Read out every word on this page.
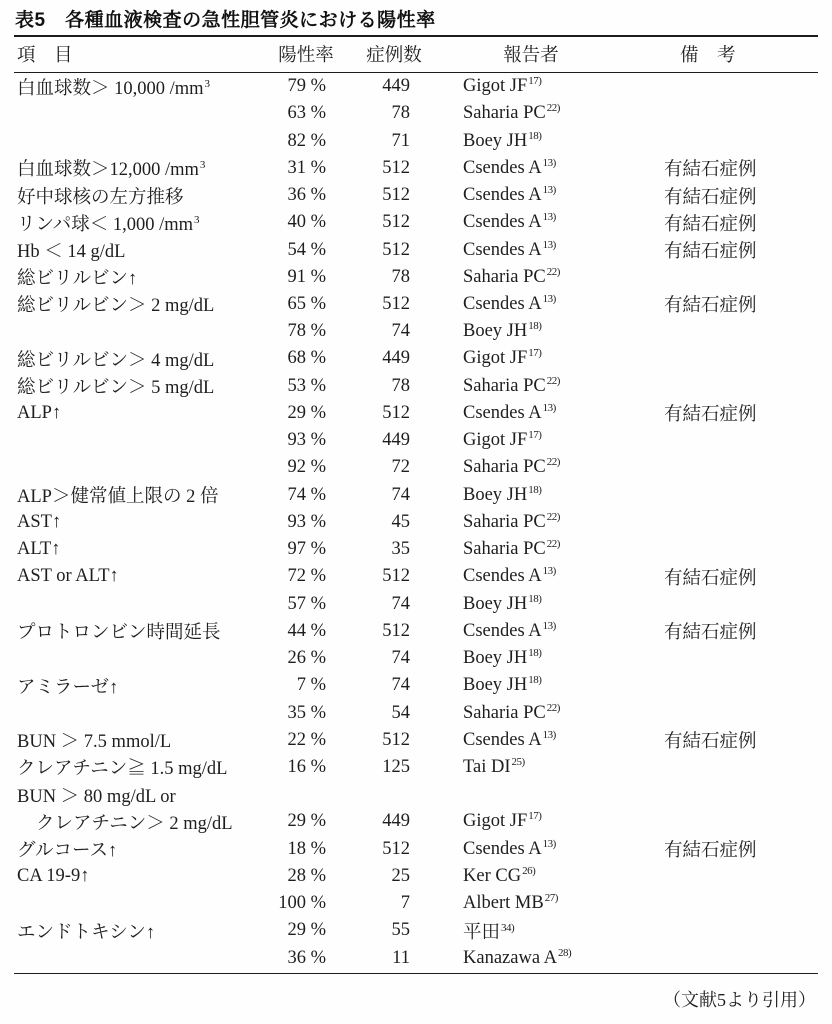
表5　各種血液検査の急性胆管炎における陽性率
項　目	陽性率	症例数	報告者	備　考
白血球数＞ 10,000 $/mm^3$	79 %	449	Gigot JF$^{17)}$
63 %	78	Saharia PC$^{22)}$
82 %	71	Boey JH$^{18)}$
白血球数＞12,000 $/mm^3$	31 %	512	Csendes $A^{13)}$	有結石症例
好中球核の左方推移	36 %	512	Csendes $A^{13)}$	有結石症例
リンパ球＜ 1,000 $/mm^3$	40 %	512	Csendes $A^{13)}$	有結石症例
Hb ＜ 14 g/dL	54 %	512	Csendes $A^{13)}$	有結石症例
総ビリルビン↑	91 %	78	Saharia PC$^{22)}$
総ビリルビン＞ 2 mg/dL	65 %	512	Csendes $A^{13)}$	有結石症例
78 %	74	Boey JH$^{18)}$
総ビリルビン＞ 4 mg/dL	68 %	449	Gigot JF$^{17)}$
総ビリルビン＞ 5 mg/dL	53 %	78	Saharia PC$^{22)}$
ALP↑	29 %	512	Csendes $A^{13)}$	有結石症例
93 %	449	Gigot JF$^{17)}$
92 %	72	Saharia PC$^{22)}$
ALP＞健常値上限の 2 倍	74 %	74	Boey JH$^{18)}$
AST↑	93 %	45	Saharia PC$^{22)}$
ALT↑	97 %	35	Saharia PC$^{22)}$
AST or ALT↑	72 %	512	Csendes $A^{13)}$	有結石症例
57 %	74	Boey JH$^{18)}$
プロトロンビン時間延長	44 %	512	Csendes $A^{13)}$	有結石症例
26 %	74	Boey JH$^{18)}$
アミラーゼ↑	7 %	74	Boey JH$^{18)}$
35 %	54	Saharia PC$^{22)}$
BUN ＞ 7.5 mmol/L	22 %	512	Csendes $A^{13)}$	有結石症例
クレアチニン≧ 1.5 mg/dL	16 %	125	Tai DI$^{25)}$
BUN ＞ 80 mg/dL or
クレアチニン＞ 2 mg/dL	29 %	449	Gigot JF$^{17)}$
グルコース↑	18 %	512	Csendes $A^{13)}$	有結石症例
CA 19-9↑	28 %	25	Ker CG$^{26)}$
100 %	7	Albert MB$^{27)}$
エンドトキシン↑	29 %	55	平田$^{34)}$
36 %	11	Kanazawa $A^{28)}$
（文献5より引用）
